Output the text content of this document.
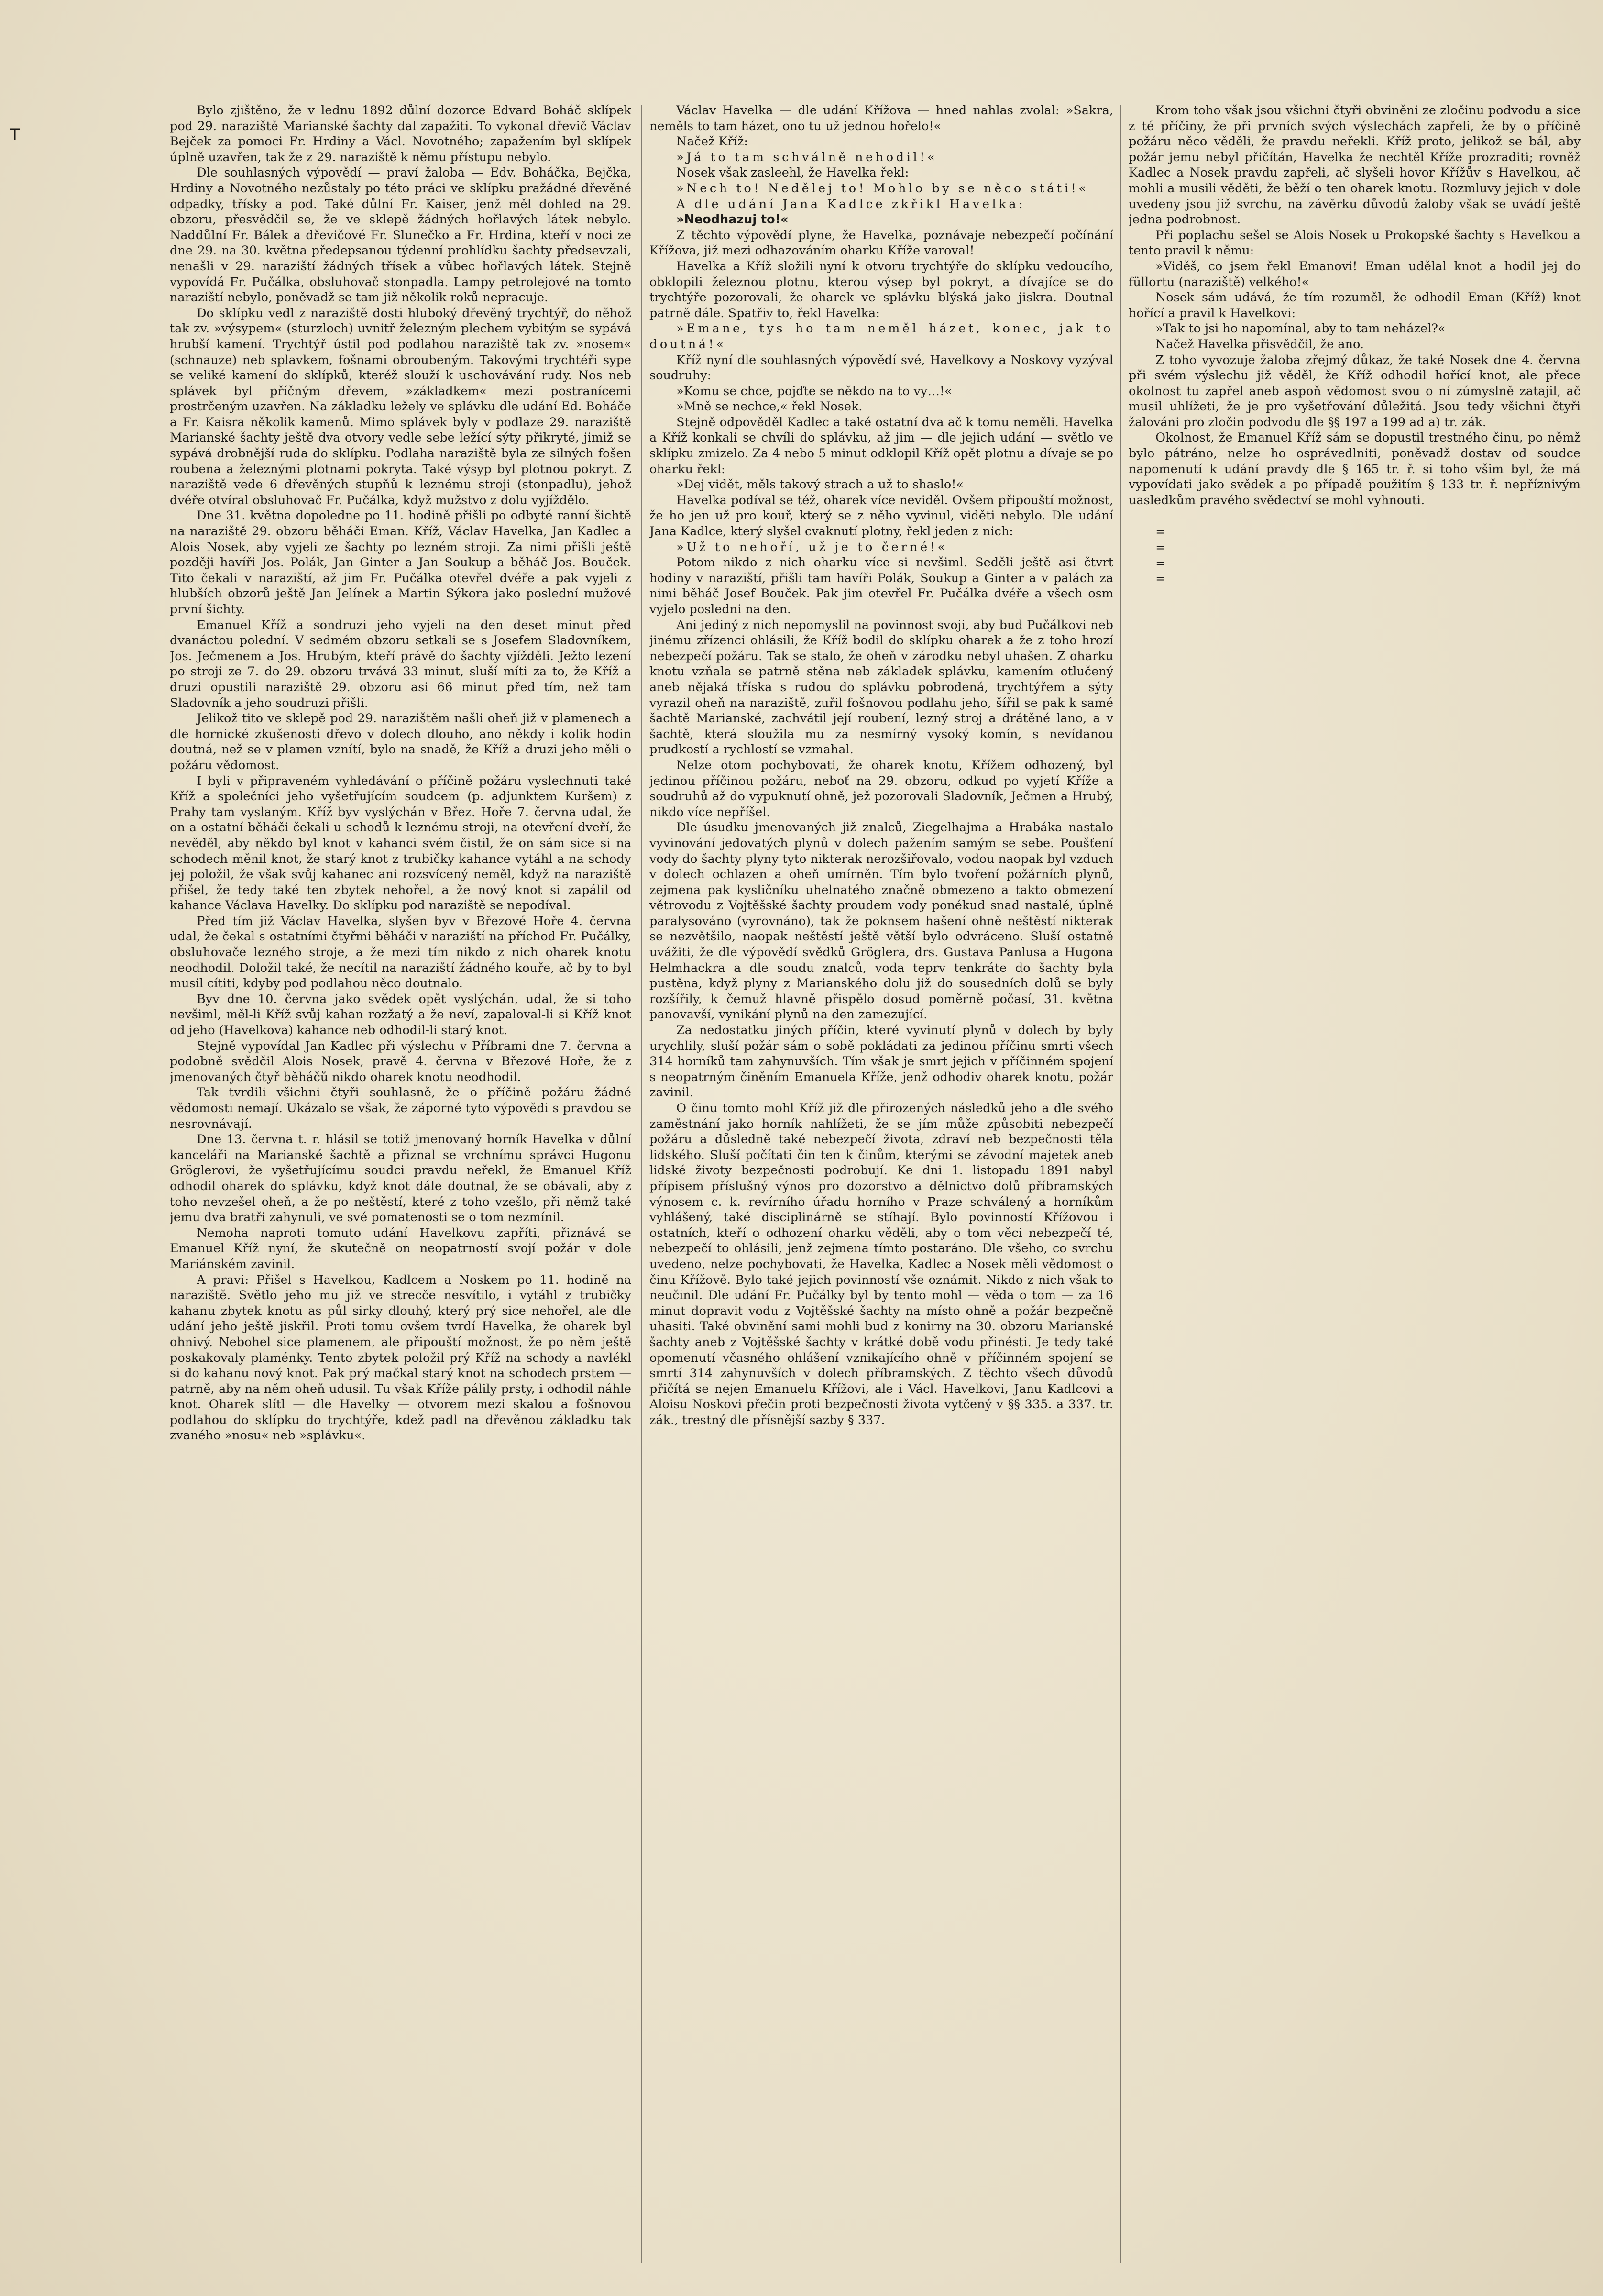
Bylo zjištěno, že v lednu 1892 důlní dozorce Edvard Boháč sklípek pod 29. naraziště Marianské šachty dal zapažiti. To vykonal dřevič Václav Bejček za pomoci Fr. Hrdiny a Václ. Novotného; zapažením byl sklípek úplně uzavřen, tak že z 29. naraziště k němu přístupu nebylo.

Dle souhlasných výpovědí — praví žaloba — Edv. Boháčka, Bejčka, Hrdiny a Novotného nezůstaly po této práci ve sklípku pražádné dřevěné odpadky, třísky a pod. Také důlní Fr. Kaiser, jenž měl dohled na 29. obzoru, přesvědčil se, že ve sklepě žádných hořlavých látek nebylo. Naddůlní Fr. Bálek a dřevičové Fr. Slunečko a Fr. Hrdina, kteří v noci ze dne 29. na 30. května předepsanou týdenní prohlídku šachty předsevzali, nenašli v 29. naraziští žádných třísek a vůbec hořlavých látek. Stejně vypovídá Fr. Pučálka, obsluhovač stonpadla. Lampy petrolejové na tomto naraziští nebylo, poněvadž se tam již několik roků nepracuje.

Do sklípku vedl z naraziště dosti hluboký dřevěný trychtýř, do něhož tak zv. »výsypem« (sturzloch) uvnitř železným plechem vybitým se sypává hrubší kamení. Trychtýř ústil pod podlahou naraziště tak zv. »nosem« (schnauze) neb splavkem, fošnami obroubeným. Takovými trychtéři sype se veliké kamení do sklípků, kteréž slouží k uschovávání rudy. Nos neb splávek byl příčným dřevem, »základkem« mezi postranícemi prostrčeným uzavřen. Na základku ležely ve splávku dle udání Ed. Boháče a Fr. Kaisra několik kamenů. Mimo splávek byly v podlaze 29. naraziště Marianské šachty ještě dva otvory vedle sebe ležící sýty přikryté, jimiž se sypává drobnější ruda do sklípku. Podlaha naraziště byla ze silných fošen roubena a železnými plotnami pokryta. Také výsyp byl plotnou pokryt. Z naraziště vede 6 dřevěných stupňů k leznému stroji (stonpadlu), jehož dvéře otvíral obsluhovač Fr. Pučálka, když mužstvo z dolu vyjíždělo.

Dne 31. května dopoledne po 11. hodině přišli po odbyté ranní šichtě na naraziště 29. obzoru běháči Eman. Kříž, Václav Havelka, Jan Kadlec a Alois Nosek, aby vyjeli ze šachty po lezném stroji. Za nimi přišli ještě později havíři Jos. Polák, Jan Ginter a Jan Soukup a běháč Jos. Bouček. Tito čekali v naraziští, až jim Fr. Pučálka otevřel dvéře a pak vyjeli z hlubších obzorů ještě Jan Jelínek a Martin Sýkora jako poslední mužové první šichty.

Emanuel Kříž a sondruzi jeho vyjeli na den deset minut před dvanáctou polední. V sedmém obzoru setkali se s Josefem Sladovníkem, Jos. Ječmenem a Jos. Hrubým, kteří právě do šachty vjížděli. Ježto lezení po stroji ze 7. do 29. obzoru trvává 33 minut, sluší míti za to, že Kříž a druzi opustili naraziště 29. obzoru asi 66 minut před tím, než tam Sladovník a jeho soudruzi přišli.

Jelikož tito ve sklepě pod 29. narazištěm našli oheň již v plamenech a dle hornické zkušenosti dřevo v dolech dlouho, ano někdy i kolik hodin doutná, než se v plamen vznítí, bylo na snadě, že Kříž a druzi jeho měli o požáru vědomost.

I byli v připraveném vyhledávání o příčině požáru vyslechnuti také Kříž a společníci jeho vyšetřujícím soudcem (p. adjunktem Kuršem) z Prahy tam vyslaným. Kříž byv vyslýchán v Břez. Hoře 7. června udal, že on a ostatní běháči čekali u schodů k leznému stroji, na otevření dveří, že nevěděl, aby někdo byl knot v kahanci svém čistil, že on sám sice si na schodech měnil knot, že starý knot z trubičky kahance vytáhl a na schody jej položil, že však svůj kahanec ani rozsvícený neměl, když na naraziště přišel, že tedy také ten zbytek nehořel, a že nový knot si zapálil od kahance Václava Havelky. Do sklípku pod naraziště se nepodíval.

Před tím již Václav Havelka, slyšen byv v Březové Hoře 4. června udal, že čekal s ostatními čtyřmi běháči v naraziští na příchod Fr. Pučálky, obsluhovače lezného stroje, a že mezi tím nikdo z nich oharek knotu neodhodil. Doložil také, že necítil na naraziští žádného kouře, ač by to byl musil cítiti, kdyby pod podlahou něco doutnalo.

Byv dne 10. června jako svědek opět vyslýchán, udal, že si toho nevšiml, měl-li Kříž svůj kahan rozžatý a že neví, zapaloval-li si Kříž knot od jeho (Havelkova) kahance neb odhodil-li starý knot.

Stejně vypovídal Jan Kadlec při výslechu v Příbrami dne 7. června a podobně svědčil Alois Nosek, pravě 4. června v Březové Hoře, že z jmenovaných čtyř běháčů nikdo oharek knotu neodhodil.

Tak tvrdili všichni čtyři souhlasně, že o příčině požáru žádné vědomosti nemají. Ukázalo se však, že záporné tyto výpovědi s pravdou se nesrovnávají.

Dne 13. června t. r. hlásil se totiž jmenovaný horník Havelka v důlní kanceláři na Marianské šachtě a přiznal se vrchnímu správci Hugonu Gröglerovi, že vyšetřujícímu soudci pravdu neřekl, že Emanuel Kříž odhodil oharek do splávku, když knot dále doutnal, že se obávali, aby z toho nevzešel oheň, a že po neštěstí, které z toho vzešlo, při němž také jemu dva bratři zahynuli, ve své pomatenosti se o tom nezmínil.

Nemoha naproti tomuto udání Havelkovu zapříti, přiznává se Emanuel Kříž nyní, že skutečně on neopatrností svojí požár v dole Mariánském zavinil.

A pravi: Přišel s Havelkou, Kadlcem a Noskem po 11. hodině na naraziště. Světlo jeho mu již ve strecče nesvítilo, i vytáhl z trubičky kahanu zbytek knotu as půl sirky dlouhý, který prý sice nehořel, ale dle udání jeho ještě jiskřil. Proti tomu ovšem tvrdí Havelka, že oharek byl ohnivý. Nebohel sice plamenem, ale připouští možnost, že po něm ještě poskakovaly plaménky. Tento zbytek položil prý Kříž na schody a navlékl si do kahanu nový knot. Pak prý mačkal starý knot na schodech prstem — patrně, aby na něm oheň udusil. Tu však Kříže pálily prsty, i odhodil náhle knot. Oharek slítl — dle Havelky — otvorem mezi skalou a fošnovou podlahou do sklípku do trychtýře, kdež padl na dřevěnou základku tak zvaného »nosu« neb »splávku«.

Václav Havelka — dle udání Křížova — hned nahlas zvolal: »Sakra, neměls to tam házet, ono tu už jednou hořelo!«

Načež Kříž:

»Já to tam schválně nehodil!«

Nosek však zasleehl, že Havelka řekl:

»Nech to! Nedělej to! Mohlo by se něco státi!«

A dle udání Jana Kadlce zkřikl Havelka:

»Neodhazuj to!«

Z těchto výpovědí plyne, že Havelka, poznávaje nebezpečí počínání Křížova, již mezi odhazováním oharku Kříže varoval!

Havelka a Kříž složili nyní k otvoru trychtýře do sklípku vedoucího, obklopili železnou plotnu, kterou výsep byl pokryt, a dívajíce se do trychtýře pozorovali, že oharek ve splávku blýská jako jiskra. Doutnal patrně dále. Spatřiv to, řekl Havelka:

»Emane, tys ho tam neměl házet, konec, jak to doutná!«

Kříž nyní dle souhlasných výpovědí své, Havelkovy a Noskovy vyzýval soudruhy:

»Komu se chce, pojďte se někdo na to vy…!«

»Mně se nechce,« řekl Nosek.

Stejně odpověděl Kadlec a také ostatní dva ač k tomu neměli. Havelka a Kříž konkali se chvíli do splávku, až jim — dle jejich udání — světlo ve sklípku zmizelo. Za 4 nebo 5 minut odklopil Kříž opět plotnu a dívaje se po oharku řekl:

»Dej vidět, měls takový strach a už to shaslo!«

Havelka podíval se též, oharek více neviděl. Ovšem připouští možnost, že ho jen už pro kouř, který se z něho vyvinul, viděti nebylo. Dle udání Jana Kadlce, který slyšel cvaknutí plotny, řekl jeden z nich:

»Už to nehoří, už je to černé!«

Potom nikdo z nich oharku více si nevšiml. Seděli ještě asi čtvrt hodiny v naraziští, přišli tam havíři Polák, Soukup a Ginter a v palách za nimi běháč Josef Bouček. Pak jim otevřel Fr. Pučálka dvéře a všech osm vyjelo posledni na den.

Ani jediný z nich nepomyslil na povinnost svoji, aby bud Pučálkovi neb jinému zřízenci ohlásili, že Kříž bodil do sklípku oharek a že z toho hrozí nebezpečí požáru. Tak se stalo, že oheň v zárodku nebyl uhašen. Z oharku knotu vzňala se patrně stěna neb základek splávku, kamením otlučený aneb nějaká tříska s rudou do splávku pobrodená, trychtýřem a sýty vyrazil oheň na naraziště, zuřil fošnovou podlahu jeho, šířil se pak k samé šachtě Marianské, zachvátil její roubení, lezný stroj a drátěné lano, a v šachtě, která sloužila mu za nesmírný vysoký komín, s nevídanou prudkostí a rychlostí se vzmahal.

Nelze otom pochybovati, že oharek knotu, Křížem odhozený, byl jedinou příčinou požáru, neboť na 29. obzoru, odkud po vyjetí Kříže a soudruhů až do vypuknutí ohně, jež pozorovali Sladovník, Ječmen a Hrubý, nikdo více nepříšel.

Dle úsudku jmenovaných již znalců, Ziegelhajma a Hrabáka nastalo vyvinování jedovatých plynů v dolech pažením samým se sebe. Poušťení vody do šachty plyny tyto nikterak nerozšiřovalo, vodou naopak byl vzduch v dolech ochlazen a oheň umírněn. Tím bylo tvoření požárních plynů, zejmena pak kysličníku uhelnatého značně obmezeno a takto obmezení větrovodu z Vojtěšské šachty proudem vody ponékud snad nastalé, úplně paralysováno (vyrovnáno), tak že poknsem hašení ohně neštěstí nikterak se nezvětšilo, naopak neštěstí ještě větší bylo odvráceno. Sluší ostatně uvážiti, že dle výpovědí svědků Gröglera, drs. Gustava Panlusa a Hugona Helmhackra a dle soudu znalců, voda teprv tenkráte do šachty byla pustěna, když plyny z Marianského dolu již do sousedních dolů se byly rozšířily, k čemuž hlavně přispělo dosud poměrně počasí, 31. května panovavší, vynikání plynů na den zamezující.

Za nedostatku jiných příčin, které vyvinutí plynů v dolech by byly urychlily, sluší požár sám o sobě pokládati za jedinou příčinu smrti všech 314 horníků tam zahynuvších. Tím však je smrt jejich v příčinném spojení s neopatrným činěním Emanuela Kříže, jenž odhodiv oharek knotu, požár zavinil.

O činu tomto mohl Kříž již dle přirozených následků jeho a dle svého zaměstnání jako horník nahlížeti, že se jím může způsobiti nebezpečí požáru a důsledně také nebezpečí života, zdraví neb bezpečnosti těla lidského. Sluší počítati čin ten k činům, kterými se závodní majetek aneb lidské životy bezpečnosti podrobují. Ke dni 1. listopadu 1891 nabyl přípisem příslušný výnos pro dozorstvo a dělnictvo dolů příbramských výnosem c. k. revírního úřadu horního v Praze schválený a horníkům vyhlášený, také disciplinárně se stíhají. Bylo povinností Křížovou i ostatních, kteří o odhození oharku věděli, aby o tom věci nebezpečí té, nebezpečí to ohlásili, jenž zejmena tímto postaráno. Dle všeho, co svrchu uvedeno, nelze pochybovati, že Havelka, Kadlec a Nosek měli vědomost o činu Křížově. Bylo také jejich povinností vše oznámit. Nikdo z nich však to neučinil. Dle udání Fr. Pučálky byl by tento mohl — věda o tom — za 16 minut dopravit vodu z Vojtěšské šachty na místo ohně a požár bezpečně uhasiti. Také obvinění sami mohli bud z konirny na 30. obzoru Marianské šachty aneb z Vojtěšské šachty v krátké době vodu přinésti. Je tedy také opomenutí včasného ohlášení vznikajícího ohně v příčinném spojení se smrtí 314 zahynuvších v dolech příbramských. Z těchto všech důvodů přičítá se nejen Emanuelu Křížovi, ale i Václ. Havelkovi, Janu Kadlcovi a Aloisu Noskovi přečin proti bezpečnosti života vytčený v §§ 335. a 337. tr. zák., trestný dle přísnější sazby § 337.

Krom toho však jsou všichni čtyři obviněni ze zločinu podvodu a sice z té příčiny, že při prvních svých výslechách zapřeli, že by o příčině požáru něco věděli, že pravdu neřekli. Kříž proto, jelikož se bál, aby požár jemu nebyl přičítán, Havelka že nechtěl Kříže prozraditi; rovněž Kadlec a Nosek pravdu zapřeli, ač slyšeli hovor Křížův s Havelkou, ač mohli a musili věděti, že běží o ten oharek knotu. Rozmluvy jejich v dole uvedeny jsou již svrchu, na závěrku důvodů žaloby však se uvádí ještě jedna podrobnost.

Při poplachu sešel se Alois Nosek u Prokopské šachty s Havelkou a tento pravil k němu:

»Viděš, co jsem řekl Emanovi! Eman udělal knot a hodil jej do füllortu (naraziště) velkého!«

Nosek sám udává, že tím rozuměl, že odhodil Eman (Kříž) knot hořící a pravil k Havelkovi:

»Tak to jsi ho napomínal, aby to tam neházel?«

Načež Havelka přisvědčil, že ano.

Z toho vyvozuje žaloba zřejmý důkaz, že také Nosek dne 4. června při svém výslechu již věděl, že Kříž odhodil hořící knot, ale přece okolnost tu zapřel aneb aspoň vědomost svou o ní zúmyslně zatajil, ač musil uhlížeti, že je pro vyšetřování důležitá. Jsou tedy všichni čtyři žalováni pro zločin podvodu dle §§ 197 a 199 ad a) tr. zák.

Okolnost, že Emanuel Kříž sám se dopustil trestného činu, po němž bylo pátráno, nelze ho osprávedlniti, poněvadž dostav od soudce napomenutí k udání pravdy dle § 165 tr. ř. si toho všim byl, že má vypovídati jako svědek a po případě použitím § 133 tr. ř. nepříznivým uasledkům pravého svědectví se mohl vyhnouti.

=

=

=

=
